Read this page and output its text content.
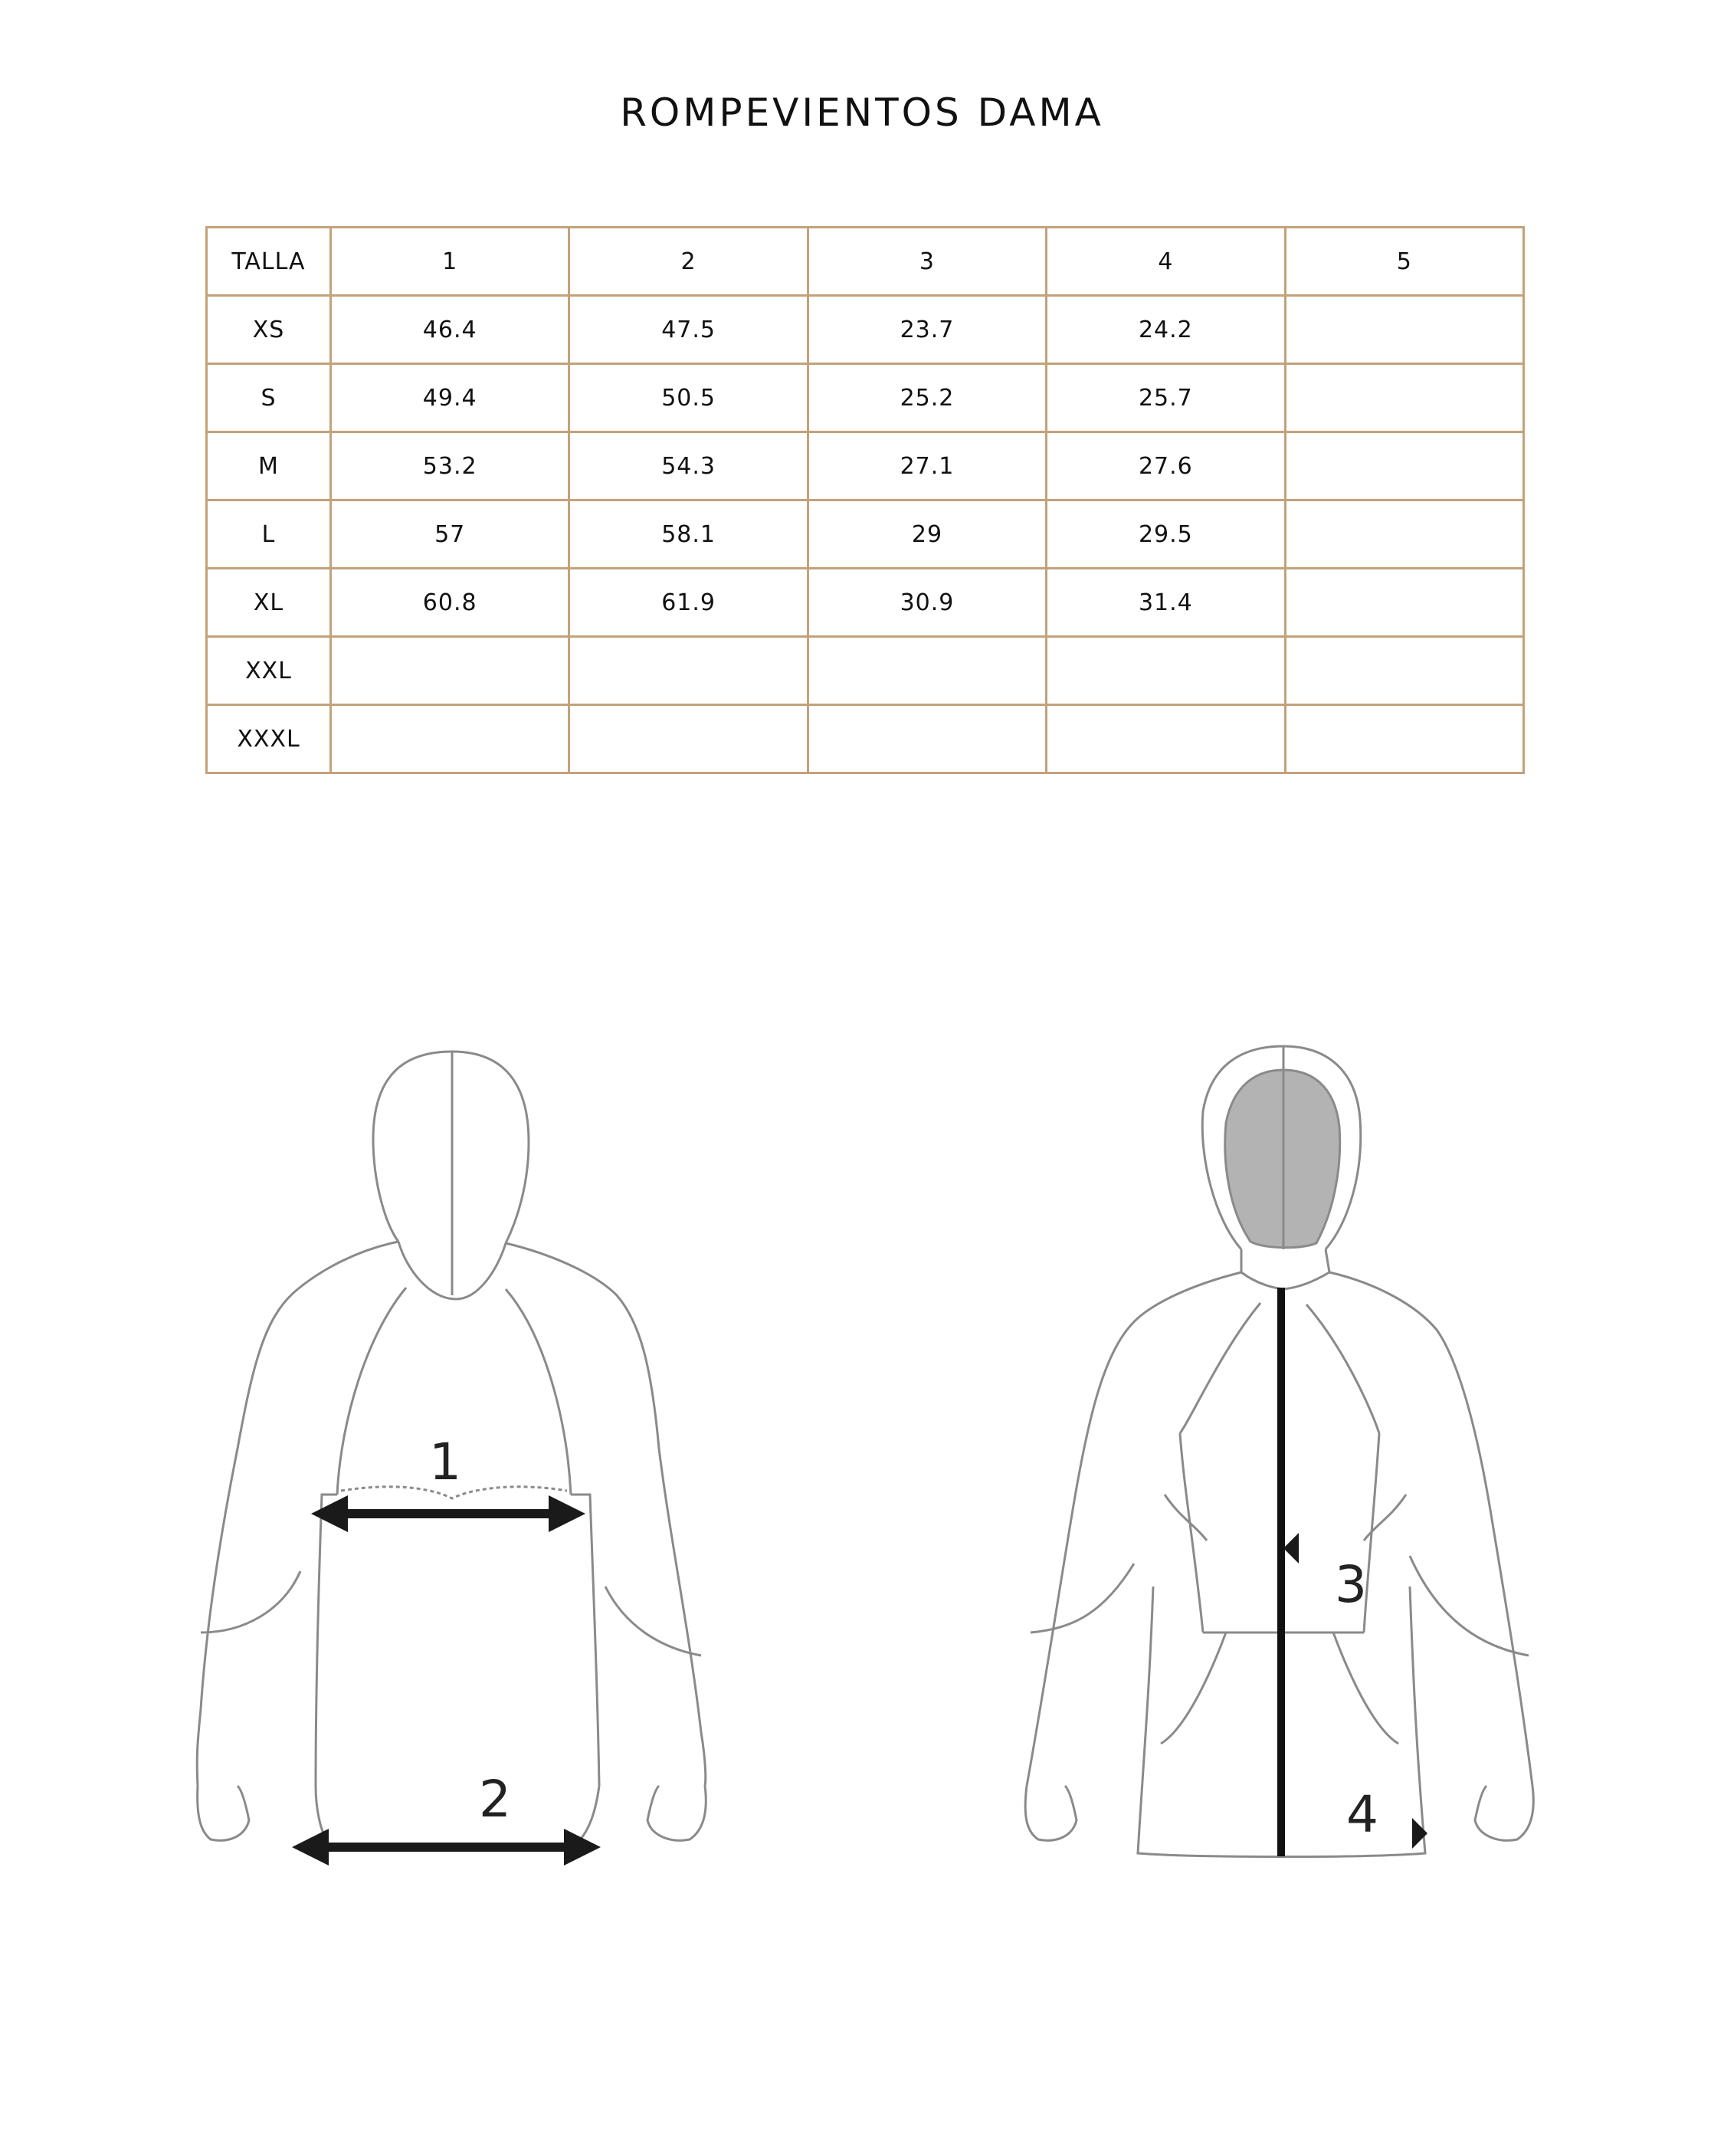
ROMPEVIENTOS DAMA
TALLA	1	2	3	4	5
XS	46.4	47.5	23.7	24.2	
S	49.4	50.5	25.2	25.7	
M	53.2	54.3	27.1	27.6	
L	57	58.1	29	29.5	
XL	60.8	61.9	30.9	31.4	
XXL					
XXXL					
1
2
3
4
